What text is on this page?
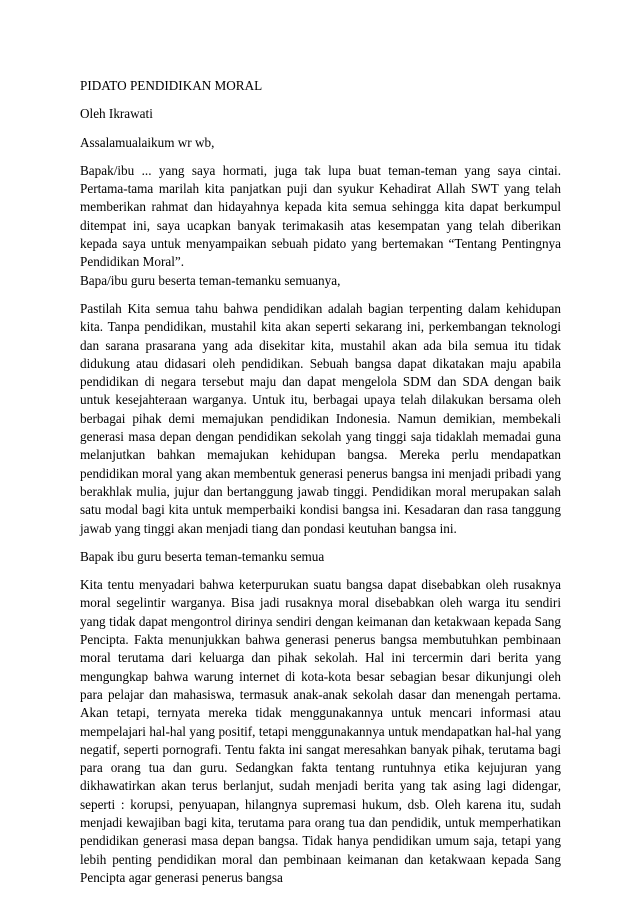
PIDATO PENDIDIKAN MORAL
Oleh Ikrawati
Assalamualaikum wr wb,

Bapak/ibu ... yang saya hormati, juga tak lupa buat teman-teman yang saya cintai. Pertama-tama marilah kita panjatkan puji dan syukur Kehadirat Allah SWT yang telah memberikan rahmat dan hidayahnya kepada kita semua sehingga kita dapat berkumpul ditempat ini, saya ucapkan banyak terimakasih atas kesempatan yang telah diberikan kepada saya untuk menyampaikan sebuah pidato yang bertemakan “Tentang Pentingnya Pendidikan Moral”.

Bapa/ibu guru beserta teman-temanku semuanya,

Pastilah Kita semua tahu bahwa pendidikan adalah bagian terpenting dalam kehidupan kita. Tanpa pendidikan, mustahil kita akan seperti sekarang ini, perkembangan teknologi dan sarana prasarana yang ada disekitar kita, mustahil akan ada bila semua itu tidak didukung atau didasari oleh pendidikan. Sebuah bangsa dapat dikatakan maju apabila pendidikan di negara tersebut maju dan dapat mengelola SDM dan SDA dengan baik untuk kesejahteraan warganya. Untuk itu, berbagai upaya telah dilakukan bersama oleh berbagai pihak demi memajukan pendidikan Indonesia. Namun demikian, membekali generasi masa depan dengan pendidikan sekolah yang tinggi saja tidaklah memadai guna melanjutkan bahkan memajukan kehidupan bangsa. Mereka perlu mendapatkan pendidikan moral yang akan membentuk generasi penerus bangsa ini menjadi pribadi yang berakhlak mulia, jujur dan bertanggung jawab tinggi. Pendidikan moral merupakan salah satu modal bagi kita untuk memperbaiki kondisi bangsa ini. Kesadaran dan rasa tanggung jawab yang tinggi akan menjadi tiang dan pondasi keutuhan bangsa ini.

Bapak ibu guru beserta teman-temanku semua

Kita tentu menyadari bahwa keterpurukan suatu bangsa dapat disebabkan oleh rusaknya moral segelintir warganya. Bisa jadi rusaknya moral disebabkan oleh warga itu sendiri yang tidak dapat mengontrol dirinya sendiri dengan keimanan dan ketakwaan kepada Sang Pencipta. Fakta menunjukkan bahwa generasi penerus bangsa membutuhkan pembinaan moral terutama dari keluarga dan pihak sekolah. Hal ini tercermin dari berita yang mengungkap bahwa warung internet di kota-kota besar sebagian besar dikunjungi oleh para pelajar dan mahasiswa, termasuk anak-anak sekolah dasar dan menengah pertama. Akan tetapi, ternyata mereka tidak menggunakannya untuk mencari informasi atau mempelajari hal-hal yang positif, tetapi menggunakannya untuk mendapatkan hal-hal yang negatif, seperti pornografi. Tentu fakta ini sangat meresahkan banyak pihak, terutama bagi para orang tua dan guru. Sedangkan fakta tentang runtuhnya etika kejujuran yang dikhawatirkan akan terus berlanjut, sudah menjadi berita yang tak asing lagi didengar, seperti : korupsi, penyuapan, hilangnya supremasi hukum, dsb. Oleh karena itu, sudah menjadi kewajiban bagi kita, terutama para orang tua dan pendidik, untuk memperhatikan pendidikan generasi masa depan bangsa. Tidak hanya pendidikan umum saja, tetapi yang lebih penting pendidikan moral dan pembinaan keimanan dan ketakwaan kepada Sang Pencipta agar generasi penerus bangsa
